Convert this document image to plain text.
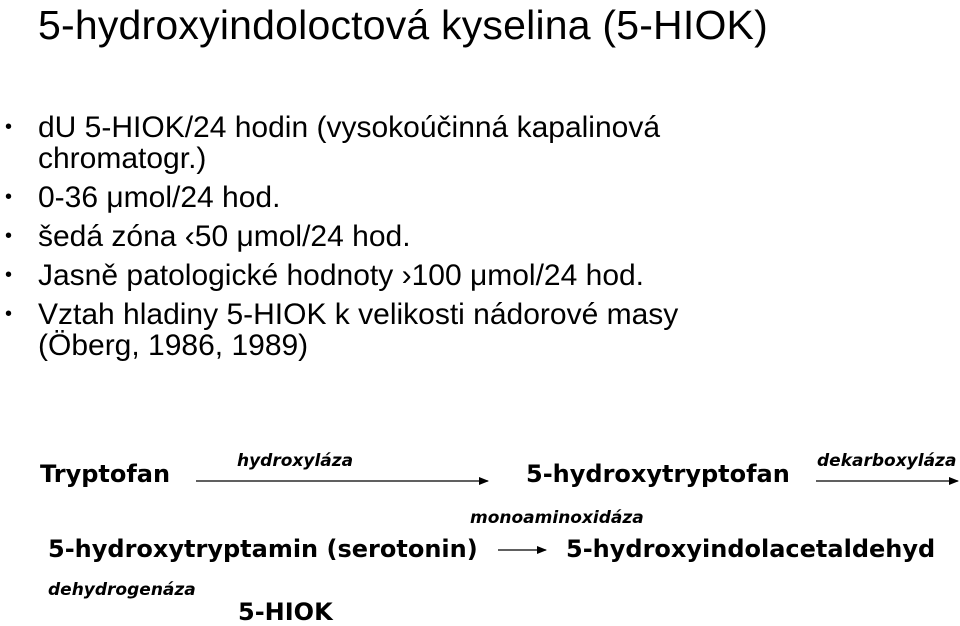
5-hydroxyindoloctová kyselina (5-HIOK)
• dU 5-HIOK/24 hodin (vysokoúčinná kapalinová
chromatogr.)
• 0-36 μmol/24 hod.
• šedá zóna ‹50 μmol/24 hod.
• Jasně patologické hodnoty ›100 μmol/24 hod.
• Vztah hladiny 5-HIOK k velikosti nádorové masy
(Öberg, 1986, 1989)
Tryptofan	hydroxyláza	5-hydroxytryptofan dekarboxyláza
monoaminoxidáza
5-hydroxytryptamin (serotonin)	5-hydroxyindolacetaldehyd
dehydrogenáza
5-HIOK
